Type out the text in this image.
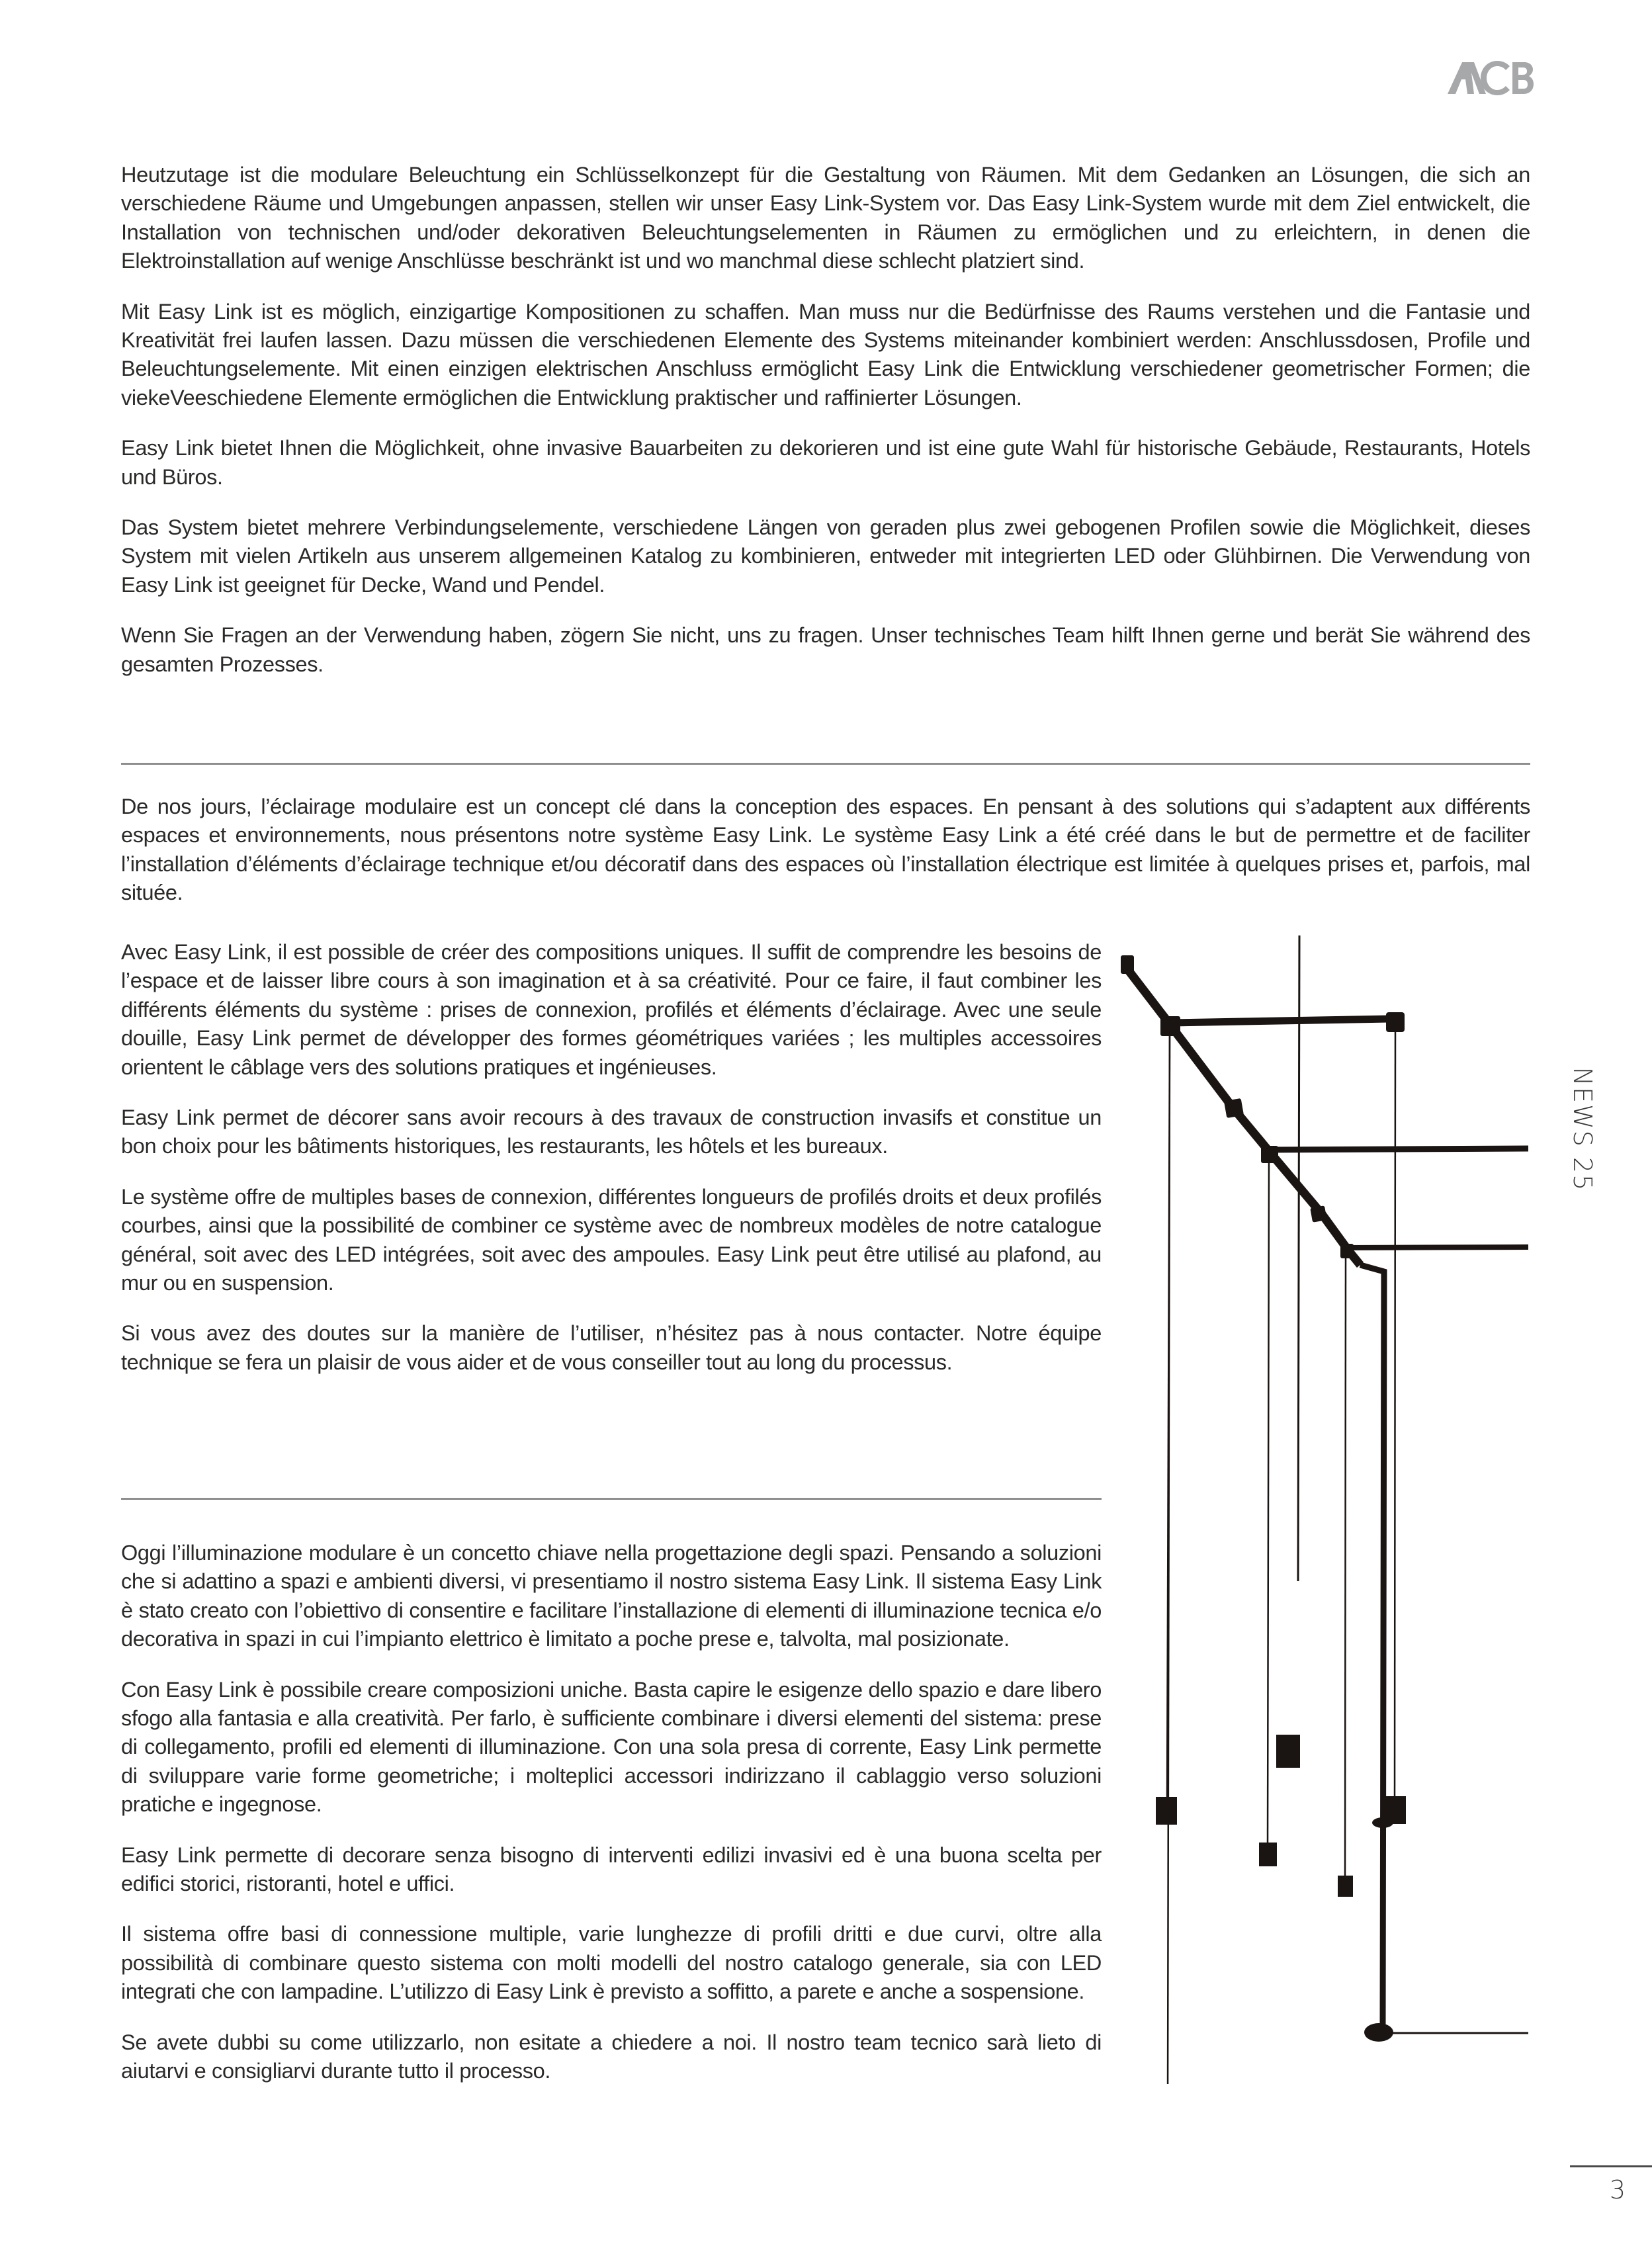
Heutzutage ist die modulare Beleuchtung ein Schlüsselkonzept für die Gestaltung von Räumen. Mit dem Gedanken an Lösungen, die sich an verschiedene Räume und Umgebungen anpassen, stellen wir unser Easy Link-System vor. Das Easy Link-System wurde mit dem Ziel entwickelt, die Installation von technischen und/oder dekorativen Beleuchtungselementen in Räumen zu ermöglichen und zu erleichtern, in denen die Elektroinstallation auf wenige Anschlüsse beschränkt ist und wo manchmal diese schlecht platziert sind.

Mit Easy Link ist es möglich, einzigartige Kompositionen zu schaffen. Man muss nur die Bedürfnisse des Raums verstehen und die Fantasie und Kreativität frei laufen lassen. Dazu müssen die verschiedenen Elemente des Systems miteinander kombiniert werden: Anschlussdosen, Profile und Beleuchtungselemente. Mit einen einzigen elektrischen Anschluss ermöglicht Easy Link die Entwicklung verschiedener geometrischer Formen; die viekeVeeschiedene Elemente ermöglichen die Entwicklung praktischer und raffinierter Lösungen.

Easy Link bietet Ihnen die Möglichkeit, ohne invasive Bauarbeiten zu dekorieren und ist eine gute Wahl für historische Gebäude, Restaurants, Hotels und Büros.

Das System bietet mehrere Verbindungselemente, verschiedene Längen von geraden plus zwei gebogenen Profilen sowie die Möglichkeit, dieses System mit vielen Artikeln aus unserem allgemeinen Katalog zu kombinieren, entweder mit integrierten LED oder Glühbirnen. Die Verwendung von Easy Link ist geeignet für Decke, Wand und Pendel.

Wenn Sie Fragen an der Verwendung haben, zögern Sie nicht, uns zu fragen. Unser technisches Team hilft Ihnen gerne und berät Sie während des gesamten Prozesses.

De nos jours, l’éclairage modulaire est un concept clé dans la conception des espaces. En pensant à des solutions qui s’adaptent aux différents espaces et environnements, nous présentons notre système Easy Link. Le système Easy Link a été créé dans le but de permettre et de faciliter l’installation d’éléments d’éclairage technique et/ou décoratif dans des espaces où l’installation électrique est limitée à quelques prises et, parfois, mal située.

Avec Easy Link, il est possible de créer des compositions uniques. Il suffit de comprendre les besoins de l’espace et de laisser libre cours à son imagination et à sa créativité. Pour ce faire, il faut combiner les différents éléments du système : prises de connexion, profilés et éléments d’éclairage. Avec une seule douille, Easy Link permet de développer des formes géométriques variées ; les multiples accessoires orientent le câblage vers des solutions pratiques et ingénieuses.

Easy Link permet de décorer sans avoir recours à des travaux de construction invasifs et constitue un bon choix pour les bâtiments historiques, les restaurants, les hôtels et les bureaux.

Le système offre de multiples bases de connexion, différentes longueurs de profilés droits et deux profilés courbes, ainsi que la possibilité de combiner ce système avec de nombreux modèles de notre catalogue général, soit avec des LED intégrées, soit avec des ampoules. Easy Link peut être utilisé au plafond, au mur ou en suspension.

Si vous avez des doutes sur la manière de l’utiliser, n’hésitez pas à nous contacter. Notre équipe technique se fera un plaisir de vous aider et de vous conseiller tout au long du processus.

Oggi l’illuminazione modulare è un concetto chiave nella progettazione degli spazi. Pensando a soluzioni che si adattino a spazi e ambienti diversi, vi presentiamo il nostro sistema Easy Link. Il sistema Easy Link è stato creato con l’obiettivo di consentire e facilitare l’installazione di elementi di illuminazione tecnica e/o decorativa in spazi in cui l’impianto elettrico è limitato a poche prese e, talvolta, mal posizionate.

Con Easy Link è possibile creare composizioni uniche. Basta capire le esigenze dello spazio e dare libero sfogo alla fantasia e alla creatività. Per farlo, è sufficiente combinare i diversi elementi del sistema: prese di collegamento, profili ed elementi di illuminazione. Con una sola presa di corrente, Easy Link permette di sviluppare varie forme geometriche; i molteplici accessori indirizzano il cablaggio verso soluzioni pratiche e ingegnose.

Easy Link permette di decorare senza bisogno di interventi edilizi invasivi ed è una buona scelta per edifici storici, ristoranti, hotel e uffici.

Il sistema offre basi di connessione multiple, varie lunghezze di profili dritti e due curvi, oltre alla possibilità di combinare questo sistema con molti modelli del nostro catalogo generale, sia con LED integrati che con lampadine. L’utilizzo di Easy Link è previsto a soffitto, a parete e anche a sospensione.

Se avete dubbi su come utilizzarlo, non esitate a chiedere a noi. Il nostro team tecnico sarà lieto di aiutarvi e consigliarvi durante tutto il processo.

NEWS 25
3
